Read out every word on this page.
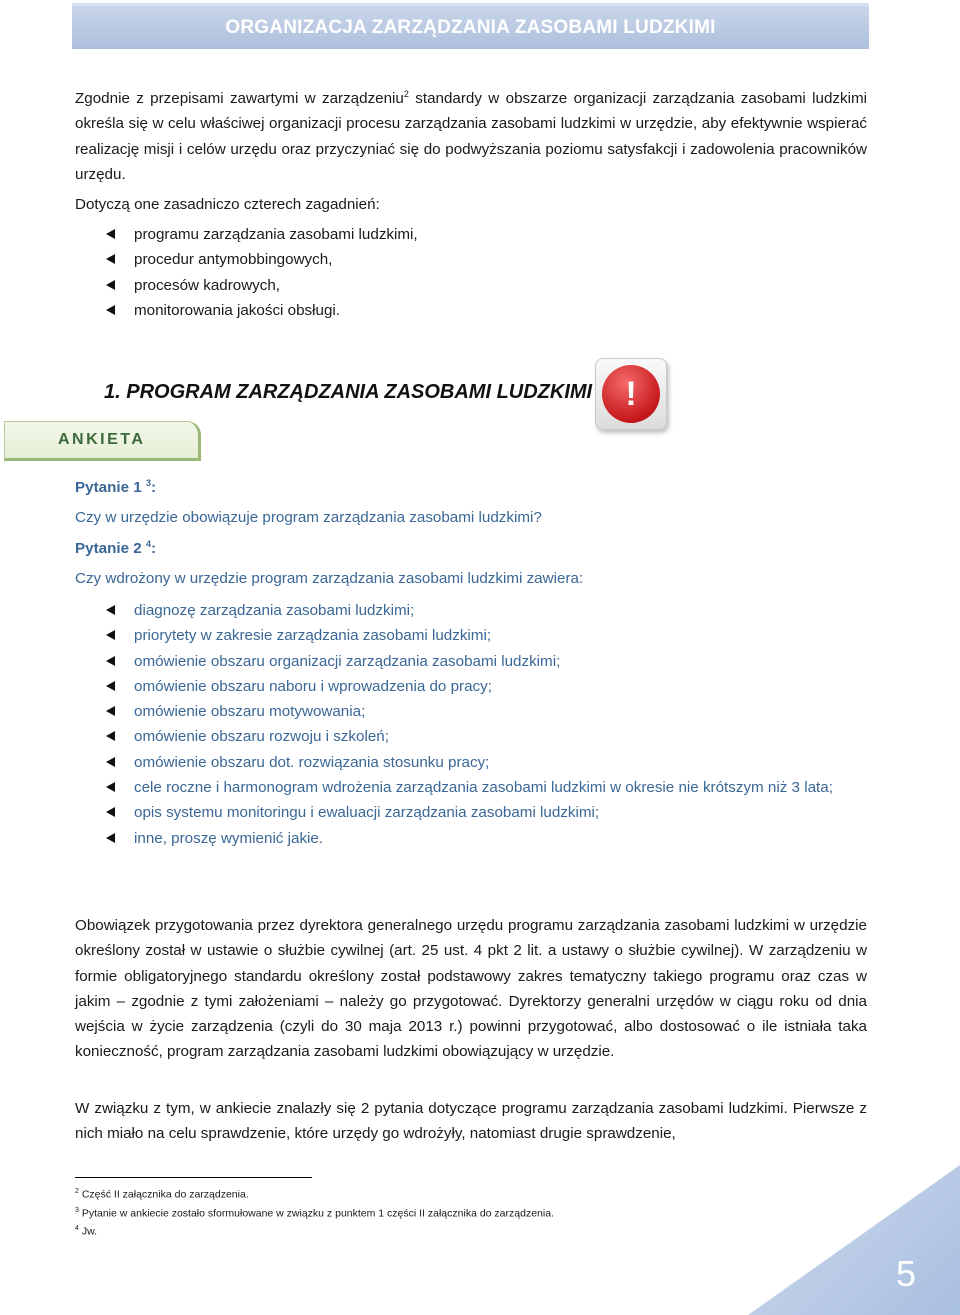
ORGANIZACJA ZARZĄDZANIA ZASOBAMI LUDZKIMI

Zgodnie z przepisami zawartymi w zarządzeniu$^2$ standardy w obszarze organizacji zarządzania zasobami ludzkimi określa się w celu właściwej organizacji procesu zarządzania zasobami ludzkimi w urzędzie, aby efektywnie wspierać realizację misji i celów urzędu oraz przyczyniać się do podwyższania poziomu satysfakcji i zadowolenia pracowników urzędu.

Dotyczą one zasadniczo czterech zagadnień:

programu zarządzania zasobami ludzkimi,
procedur antymobbingowych,
procesów kadrowych,
monitorowania jakości obsługi.
1. PROGRAM ZARZĄDZANIA ZASOBAMI LUDZKIMI !
ANKIETA
Pytanie 1 $^3$:
Czy w urzędzie obowiązuje program zarządzania zasobami ludzkimi?
Pytanie 2 $^4$:
Czy wdrożony w urzędzie program zarządzania zasobami ludzkimi zawiera:
diagnozę zarządzania zasobami ludzkimi;
priorytety w zakresie zarządzania zasobami ludzkimi;
omówienie obszaru organizacji zarządzania zasobami ludzkimi;
omówienie obszaru naboru i wprowadzenia do pracy;
omówienie obszaru motywowania;
omówienie obszaru rozwoju i szkoleń;
omówienie obszaru dot. rozwiązania stosunku pracy;
cele roczne i harmonogram wdrożenia zarządzania zasobami ludzkimi w okresie nie krótszym niż 3 lata;
opis systemu monitoringu i ewaluacji zarządzania zasobami ludzkimi;
inne, proszę wymienić jakie.

Obowiązek przygotowania przez dyrektora generalnego urzędu programu zarządzania zasobami ludzkimi w urzędzie określony został w ustawie o służbie cywilnej (art. 25 ust. 4 pkt 2 lit. a ustawy o służbie cywilnej). W zarządzeniu w formie obligatoryjnego standardu określony został podstawowy zakres tematyczny takiego programu oraz czas w jakim – zgodnie z tymi założeniami – należy go przygotować. Dyrektorzy generalni urzędów w ciągu roku od dnia wejścia w życie zarządzenia (czyli do 30 maja 2013 r.) powinni przygotować, albo dostosować o ile istniała taka konieczność, program zarządzania zasobami ludzkimi obowiązujący w urzędzie.

W związku z tym, w ankiecie znalazły się 2 pytania dotyczące programu zarządzania zasobami ludzkimi. Pierwsze z nich miało na celu sprawdzenie, które urzędy go wdrożyły, natomiast drugie sprawdzenie,

$^2$ Część II załącznika do zarządzenia.
$^3$ Pytanie w ankiecie zostało sformułowane w związku z punktem 1 części II załącznika do zarządzenia.
$^4$ Jw.
5
